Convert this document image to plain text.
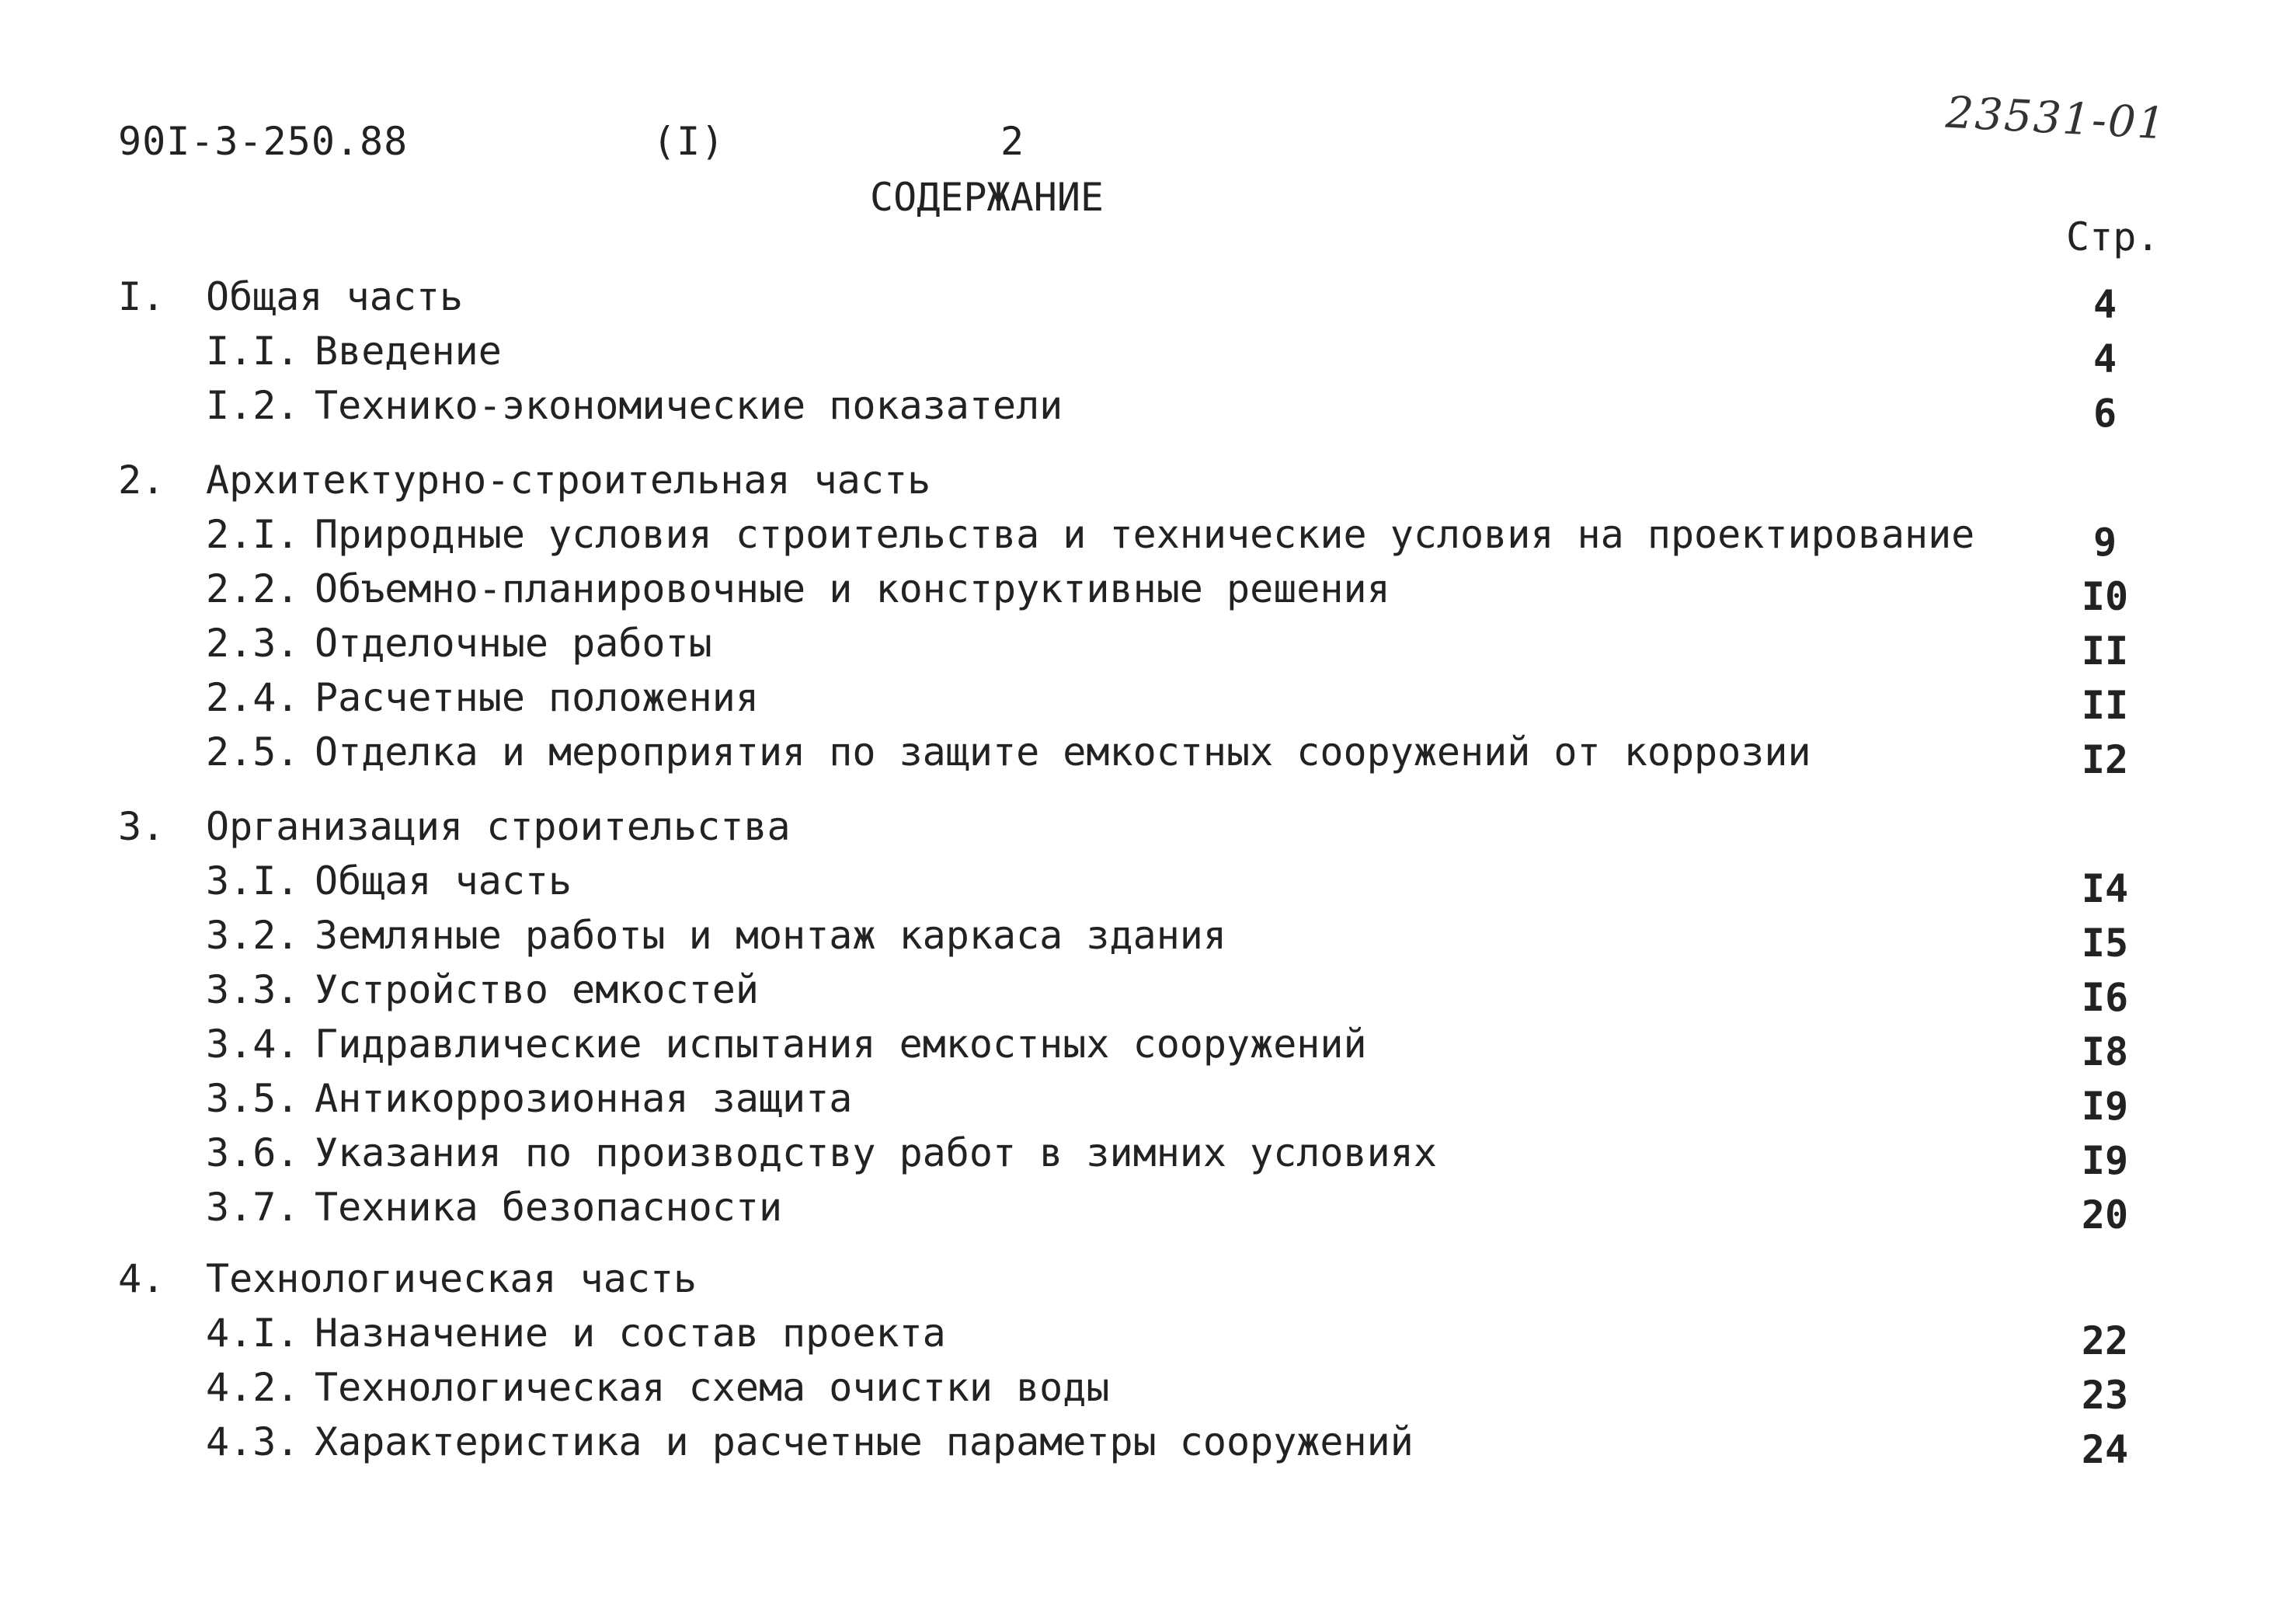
90I-3-250.88	(I)	2	23531-01
СОДЕРЖАНИЕ
Стр.
I. Общая часть	4
I.I. Введение	4
I.2. Технико-экономические показатели	6
2. Архитектурно-строительная часть
2.I. Природные условия строительства и технические условия на проектирование	9
2.2. Объемно-планировочные и конструктивные решения	I0
2.3. Отделочные работы	II
2.4. Расчетные положения	II
2.5. Отделка и мероприятия по защите емкостных сооружений от коррозии	I2
3. Организация строительства
3.I. Общая часть	I4
3.2. Земляные работы и монтаж каркаса здания	I5
3.3. Устройство емкостей	I6
3.4. Гидравлические испытания емкостных сооружений	I8
3.5. Антикоррозионная защита	I9
3.6. Указания по производству работ в зимних условиях	I9
3.7. Техника безопасности	20
4. Технологическая часть
4.I. Назначение и состав проекта	22
4.2. Технологическая схема очистки воды	23
4.3. Характеристика и расчетные параметры сооружений	24
